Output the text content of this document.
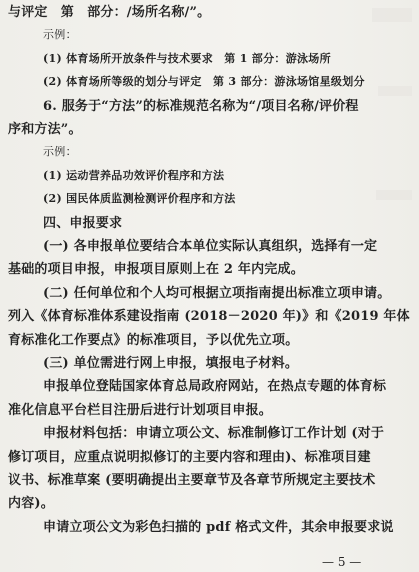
与评定　第　部分：/场所名称/”。
示例：
(1) 体育场所开放条件与技术要求　第 1 部分：游泳场所
(2) 体育场所等级的划分与评定　第 3 部分：游泳场馆星级划分
6. 服务于“方法”的标准规范名称为“/项目名称/评价程
序和方法”。
示例：
(1) 运动营养品功效评价程序和方法
(2) 国民体质监测检测评价程序和方法
四、申报要求
(一) 各申报单位要结合本单位实际认真组织，选择有一定
基础的项目申报，申报项目原则上在 2 年内完成。
(二) 任何单位和个人均可根据立项指南提出标准立项申请。
列入《体育标准体系建设指南 (2018－2020 年)》和《2019 年体
育标准化工作要点》的标准项目，予以优先立项。
(三) 单位需进行网上申报，填报电子材料。
申报单位登陆国家体育总局政府网站，在热点专题的体育标
准化信息平台栏目注册后进行计划项目申报。
申报材料包括：申请立项公文、标准制修订工作计划 (对于
修订项目，应重点说明拟修订的主要内容和理由)、标准项目建
议书、标准草案 (要明确提出主要章节及各章节所规定主要技术
内容)。
申请立项公文为彩色扫描的 pdf 格式文件，其余申报要求说
— 5 —
